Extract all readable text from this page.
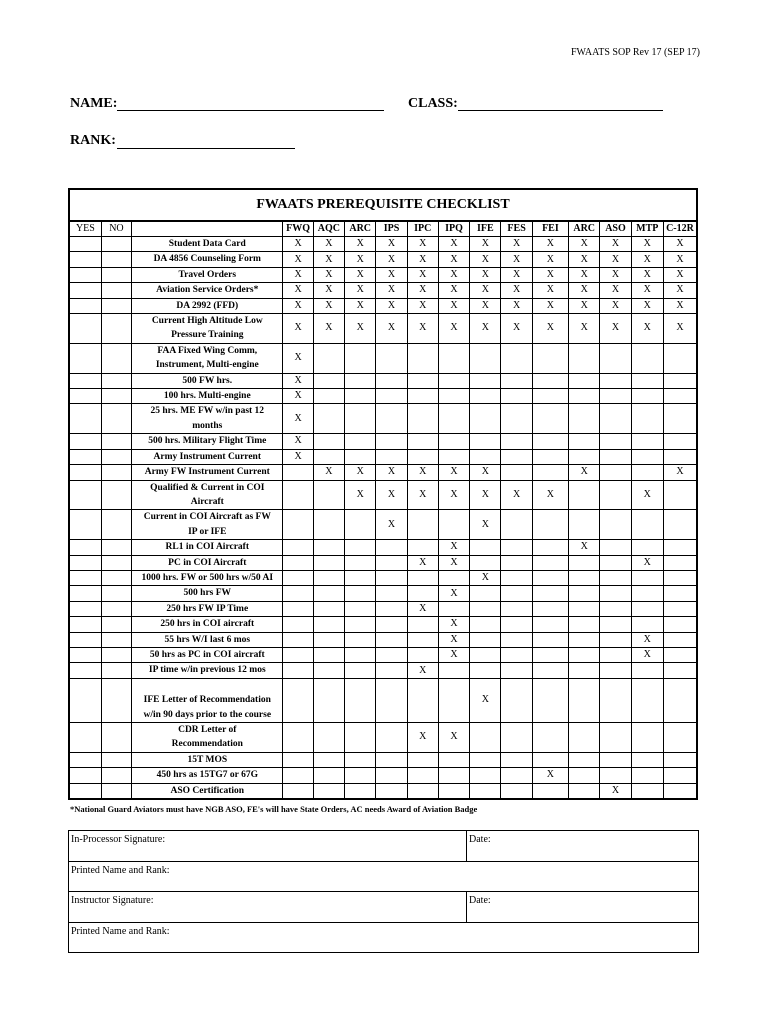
FWAATS SOP Rev 17 (SEP 17)
NAME:	CLASS:
RANK:
FWAATS PREREQUISITE CHECKLIST															
YES	NO		FWQ	AQC	ARC	IPS	IPC	IPQ	IFE	FES	FEI	ARC	ASO	MTP	C-12R
		Student Data Card	X	X	X	X	X	X	X	X	X	X	X	X	X
		DA 4856 Counseling Form	X	X	X	X	X	X	X	X	X	X	X	X	X
		Travel Orders	X	X	X	X	X	X	X	X	X	X	X	X	X
		Aviation Service Orders*	X	X	X	X	X	X	X	X	X	X	X	X	X
		DA 2992 (FFD)	X	X	X	X	X	X	X	X	X	X	X	X	X
		Current High Altitude Low
Pressure Training	X	X	X	X	X	X	X	X	X	X	X	X	X
		FAA Fixed Wing Comm,
Instrument, Multi-engine	X												
		500 FW hrs.	X												
		100 hrs. Multi-engine	X												
		25 hrs. ME FW w/in past 12
months	X												
		500 hrs. Military Flight Time	X												
		Army Instrument Current	X												
		Army FW Instrument Current		X	X	X	X	X	X			X			X
		Qualified & Current in COI
Aircraft			X	X	X	X	X	X	X			X	
		Current in COI Aircraft as FW
IP or IFE				X			X						
		RL1 in COI Aircraft						X				X			
		PC in COI Aircraft					X	X						X	
		1000 hrs. FW or 500 hrs w/50 AI							X						
		500 hrs FW						X							
		250 hrs FW IP Time					X								
		250 hrs in COI aircraft						X							
		55 hrs W/I last 6 mos						X						X	
		50 hrs as PC in COI aircraft						X						X	
		IP time w/in previous 12 mos					X								

IFE Letter of Recommendation
w/in 90 days prior to the course							X						
		CDR Letter of
Recommendation					X	X							
		15T MOS													
		450 hrs as 15TG7 or 67G									X				
		ASO Certification											X		
*National Guard Aviators must have NGB ASO, FE's will have State Orders, AC needs Award of Aviation Badge
In-Processor Signature:	Date:
Printed Name and Rank:	
Instructor Signature:	Date:
Printed Name and Rank:	
